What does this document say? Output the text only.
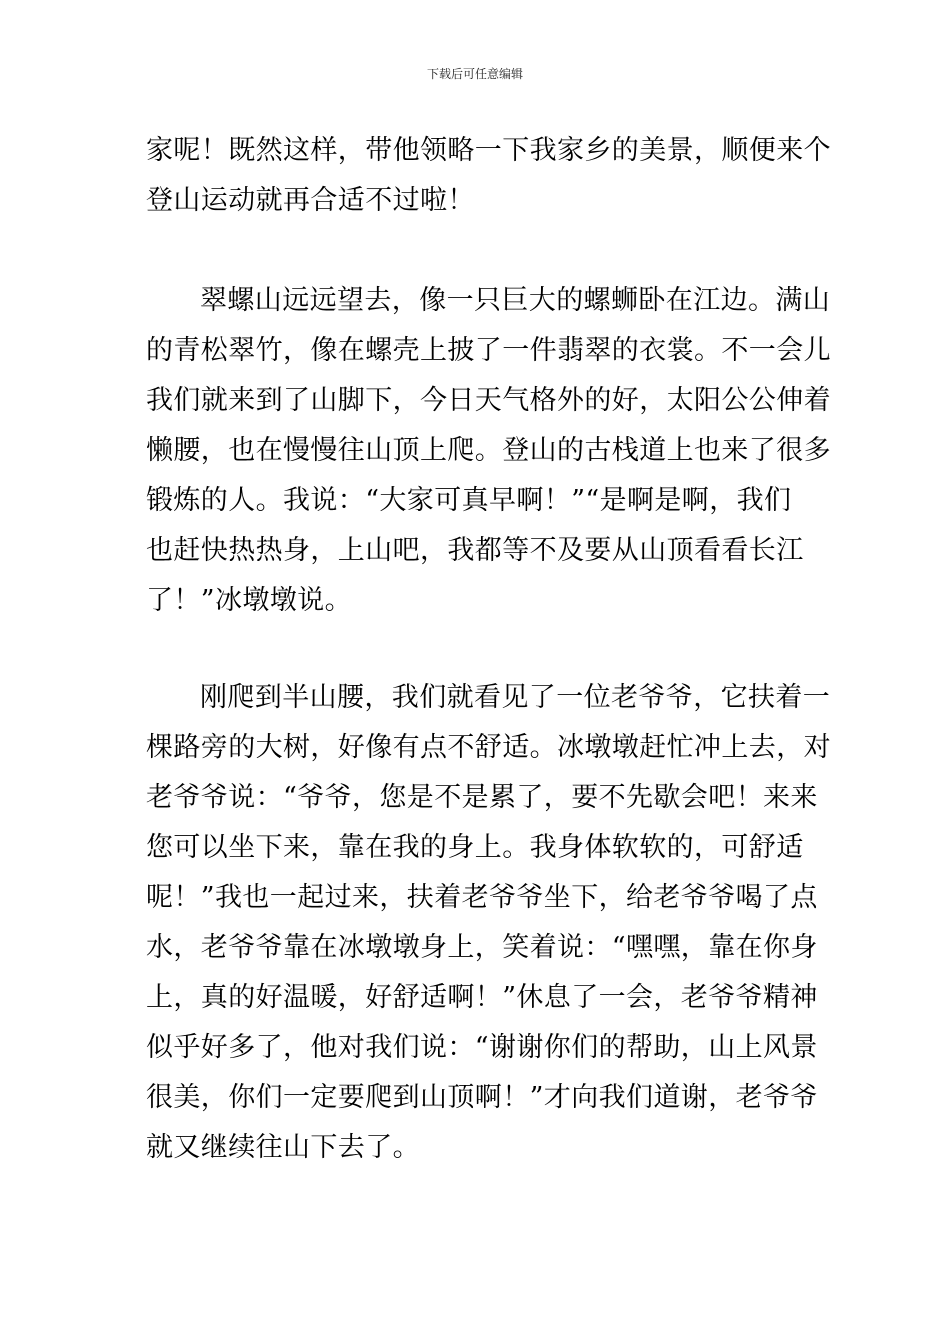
下载后可任意编辑
家呢！既然这样，带他领略一下我家乡的美景，顺便来个
登山运动就再合适不过啦！
翠螺山远远望去，像一只巨大的螺蛳卧在江边。满山
的青松翠竹，像在螺壳上披了一件翡翠的衣裳。不一会儿
我们就来到了山脚下，今日天气格外的好，太阳公公伸着
懒腰，也在慢慢往山顶上爬。登山的古栈道上也来了很多
锻炼的人。我说：“大家可真早啊！”“是啊是啊，我们
也赶快热热身，上山吧，我都等不及要从山顶看看长江
了！”冰墩墩说。
刚爬到半山腰，我们就看见了一位老爷爷，它扶着一
棵路旁的大树，好像有点不舒适。冰墩墩赶忙冲上去，对
老爷爷说：“爷爷，您是不是累了，要不先歇会吧！来来
您可以坐下来，靠在我的身上。我身体软软的，可舒适
呢！”我也一起过来，扶着老爷爷坐下，给老爷爷喝了点
水，老爷爷靠在冰墩墩身上，笑着说：“嘿嘿，靠在你身
上，真的好温暖，好舒适啊！”休息了一会，老爷爷精神
似乎好多了，他对我们说：“谢谢你们的帮助，山上风景
很美，你们一定要爬到山顶啊！”才向我们道谢，老爷爷
就又继续往山下去了。
